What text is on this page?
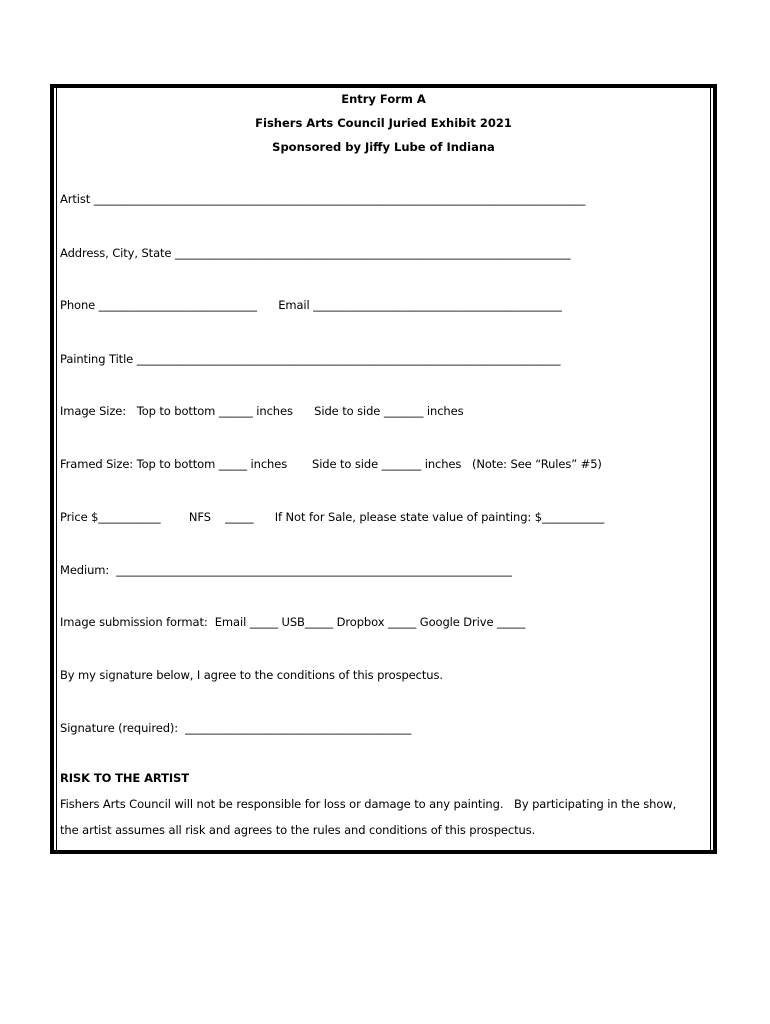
Entry Form A
Fishers Arts Council Juried Exhibit 2021
Sponsored by Jiffy Lube of Indiana
Artist _______________________________________________________________________________________
Address, City, State ______________________________________________________________________
Phone ____________________________      Email ____________________________________________
Painting Title ___________________________________________________________________________
Image Size:   Top to bottom ______ inches      Side to side _______ inches
Framed Size: Top to bottom _____ inches       Side to side _______ inches   (Note: See “Rules” #5)
Price $___________        NFS    _____      If Not for Sale, please state value of painting: $___________
Medium:  ______________________________________________________________________
Image submission format:  Email _____ USB_____ Dropbox _____ Google Drive _____
By my signature below, I agree to the conditions of this prospectus.
Signature (required):  ________________________________________
RISK TO THE ARTIST
Fishers Arts Council will not be responsible for loss or damage to any painting.   By participating in the show,
the artist assumes all risk and agrees to the rules and conditions of this prospectus.
